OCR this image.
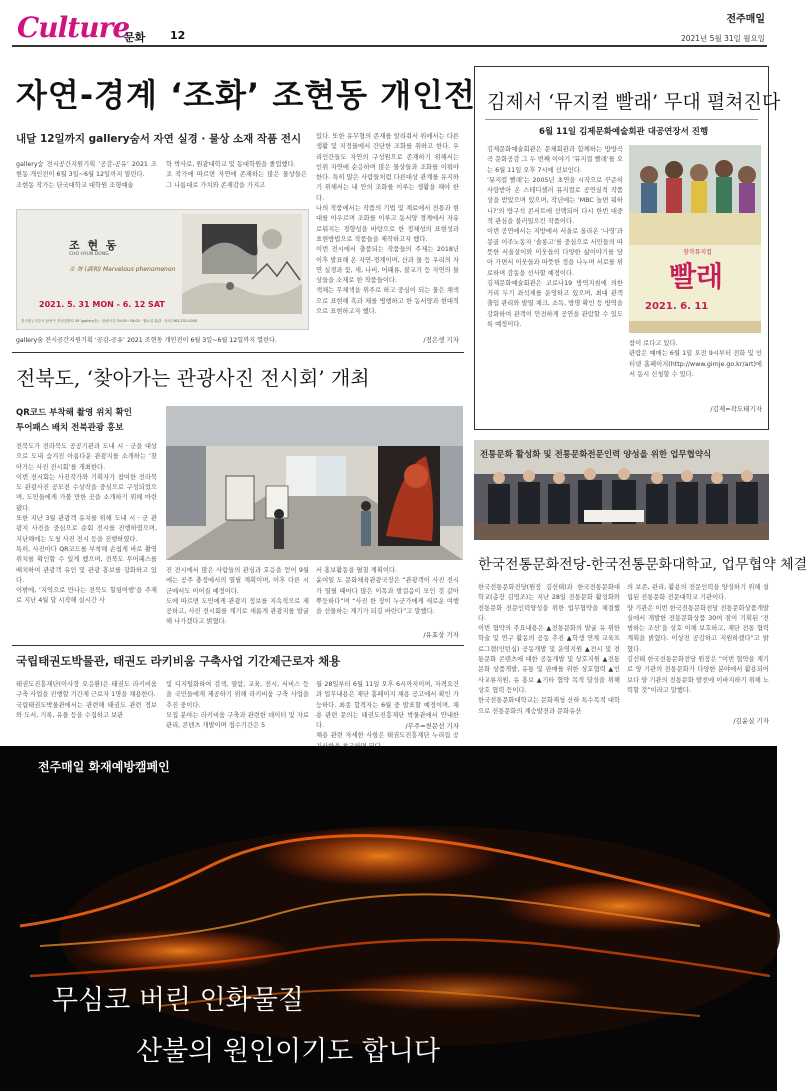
Culture
문화 12
전주매일
2021년 5월 31일 월요일
자연-경계 ‘조화’ 조현동 개인전
내달 12일까지 gallery숨서 자연 실경 · 물상 소재 작품 전시
gallery숨 전시공간지원기획 ‘공감-공유’ 2021 조현동 개인전이 6월 3일~6월 12일까지 열린다.
조현동 작가는 단국대학교 대학원 조형예술
학 박사로, 원광대학교 및 동대학원을 졸업했다.
조 작가에 따르면 자연에 존재하는 많은 물상들은 그 나름대로 가치와 존재감을 가지고
있다. 또한 유무형의 존재를 알려줘서 위에서는 다른 생활 및 지정물에서 간단한 조화를 취하고 한다. 우리인간들도 자연의 구성원으로 존재하기 위해서는 인위 자연에 순응하며 많은 물상들과 조화를 이뤄야한다. 특히 많은 사람들처럼 다른대상 관계를 유지하기 위해서는 내 안의 조화를 이루는 생활을 해야 한다.
나의 작품에서는 작품의 기법 및 재료에서 전통과 현대를 아우르며 조화를 이루고 동서양 경계에서 자유로워지는 경향성을 바탕으로 한 정체성의 표현성과 표현방법으로 작품들을 제작하고자 했다.
이번 전시에서 출품되는 작품들의 주제는 2018년 이후 발표해 온 자연-경계이며, 산과 물 등 우리의 자연 실경과 꽃, 새, 나비, 어패류, 불교기 등 자연의 물상들을 소재로 한 작품들이다.
색채는 무채색을 위주로 하고 중심이 되는 물은 채색으로 표현해 흑과 채를 병행하고 한 동서양과 현대적으로 표현하고자 했다.
/정은생 기자
조 현 동
CHO HYUN DONG
조 화 (調和) Marvelous phenomenon
2021. 5. 31 MON - 6. 12 SAT
전시장 | 전주시 완산구 전라감영로 55 (gallery숨) · 관람시간 10:00~18:00 · 월요일 휴관 · 문의 063-232-0000
gallery숨 전시공간지원기획 ‘공감-공유’ 2021 조현동 개인전이 6월 3일~6월 12일까지 열린다.
김제서 ‘뮤지컬 빨래’ 무대 펼쳐진다
6월 11일 김제문화예술회관 대공연장서 진행
김제문화예술회관은 문체회관과 함께하는 방방곡곡 문화공감 그 두 번째 이야기 ‘뮤지컬 빨래’를 오는 6월 11일 오후 7시에 선보인다.
‘뮤지컬 빨래’는 2005년 초연을 시작으로 꾸준히 사랑받아 온 스테디셀러 뮤지컬로 공연실적 작품상을 받았으며 있으며, 작년에는 ‘MBC 놀면 뭐하니?’의 방구석 콘서트에 선택되어 다시 한번 대중적 관심을 불러일으킨 작품이다.
이번 공연에서는 지방에서 서울로 올라온 ‘나영’과 몽골 이주노동자 ‘솔롱고’를 중심으로 서민들의 따뜻한 서울살이와 이웃들의 다양한 삶이야기를 담아 가면서 이웃들과 따뜻한 정을 나누며 서로를 위로하며 감동을 선사할 예정이다.
김제문화예술회관은 코로나19 방역지침에 의한 거리 두기 좌석제를 운영하고 있으며, 최대 관객 출입 관리와 발열 체크, 소독, 방명 확인 등 방역을 강화하여 관객이 안전하게 공연을 관람할 수 있도록 예정이다.
참이 로다고 있다.
관람은 예매는 6월 1일 오전 9시부터 전화 및 인터넷 홈페이지(http://www.gimje.go.kr/art)에서 동시 신청할 수 있다.
/김제=곽도태기자
창작뮤지컬
빨래
2021. 6. 11
전북도, ‘찾아가는 관광사진 전시회’ 개최
QR코드 부착해 촬영 위치 확인
투어패스 배치 전북관광 홍보
전북도가 전라북도 공공기관과 도내 시 · 군을 대상으로 도내 숨겨진 아름다운 관광지를 소개하는 ‘찾아가는 사진 전시회’를 개최한다.
이번 전시회는 사진작가와 기획자가 참여한 전라북도 관광사진 공모전 수상작을 중심으로 구성되었으며, 도민들에게 가볼 만한 곳을 소개하기 위해 마련됐다.
또한 지난 3월 관광객 유치를 위해 도내 시 · 군 관광지 사진을 중심으로 순회 전시를 진행하였으며, 지난해에는 도청 사진 전시 등을 진행하였다.
특히, 사진마다 QR코드를 부착해 손쉽게 바로 촬영 위치를 확인할 수 있게 했으며, 전북도 투어패스를 배치하여 관광객 유인 및 관광 홍보를 강화하고 있다.
이밖에, ‘지역으로 만나는 전북도 힐링여행’을 주제로 지난 4월 달 시작해 실시간 사
진 전시에서 많은 사람들의 관심과 호응을 얻어 9월에는 공주 충정에서의 열릴 계획이며, 이후 다른 시군에서도 이어질 예정이다.
도에 따르면 도민에게 관광지 정보를 지속적으로 제공하고, 사진 전시회를 계기로 새롭게 관광지를 발굴해 나가겠다고 밝혔다.
서 홍보활동을 펼칠 계획이다.
윤여일 도 문화체육관광국장은 “관광객이 사진 전시가 열릴 때마다 많은 이목과 발걸음이 모인 것 같아 뿌듯하다”며 “사진 한 장이 누군가에게 새로운 여행을 선물하는 계기가 되길 바란다”고 말했다.
/유효상 기자
국립태권도박물관, 태권도 라키비움 구축사업 기간제근로자 채용
태권도진흥재단(이사장 오응환)은 태권도 라키비움 구축 사업을 진행할 기간제 근로자 1명을 채용한다.
국립태권도박물관에서는 관련해 태권도 관련 정보와 도서, 기록, 유물 등을 수집하고 보관
및 디지털화하여 검색, 열람, 교육, 전시, 서비스 등을 국민들에게 제공하기 위해 라키비움 구축 사업을 추진 중이다.
모집 분야는 라키비움 구축과 관련한 데이터 및 자료 관리, 콘텐츠 개발이며 접수기간은 5
월 28일부터 6월 11일 오후 6시까지이며, 자격요건과 업무내용은 재단 홈페이지 채용 공고에서 확인 가능하다. 최종 합격자는 6월 중 발표할 예정이며, 채용 관련 문의는 태권도진흥재단 박물관에서 안내한다.
채용 관련 자세한 사항은 태권도진흥재단 누리집 공
/무주=천문선 기자
전통문화 활성화 및 전통문화전문인력 양성을 위한 업무협약식
한국전통문화전당-한국전통문화대학교, 업무협약 체결
한국전통문화전당(원장 김선태)과 한국전통문화대학교(총장 김영조)는 지난 28일 전통문화 활성화와 전통문화 전문인력양성을 위한 업무협약을 체결했다.
이번 협약의 주요내용은 ▲전통문화의 발굴 유 위한 학술 및 연구 활동의 공동 추진 ▲학생 연계 교육프로그램(인턴십) 공동개발 및 운영지원 ▲전시 및 전통문화 콘텐츠에 대한 공동개발 및 상호지원 ▲전통문화 상품개발, 유통 및 판매를 위한 상호협력 ▲인사교류지원, 유 홍보 ▲기타 협약 목적 달성을 위해 상호 협력 등이다.
한국전통문화대학교는 문화재청 산하 특수목적 대학으로 전통문화의 계승발전과 문화유산
의 보존, 관리, 활용의 전문인력을 양성하기 위해 설립된 전통문화 전문대학교 기관이다.
양 기관은 이번 한국전통문화전당 전통문화상품개발실에서 개발한 전통문화상품 30여 점이 기획된 ‘전범하는 조선’을 상호 이해 보호하고, 재단 전통 협력 계획을 밝혔다. 이상전 공감하고 지원하겠다”고 밝혔다.
김선태 한국전통문화전당 원장은 “이번 협약을 계기로 양 기관의 전통문화가 다양한 분야에서 활용되어 보다 양 기관의 전통문화 발전에 이바지하기 위해 노력할 것”이라고 말했다.
/김윤실 기자
전주매일 화재예방캠페인
무심코 버린 인화물질
산불의 원인이기도 합니다
